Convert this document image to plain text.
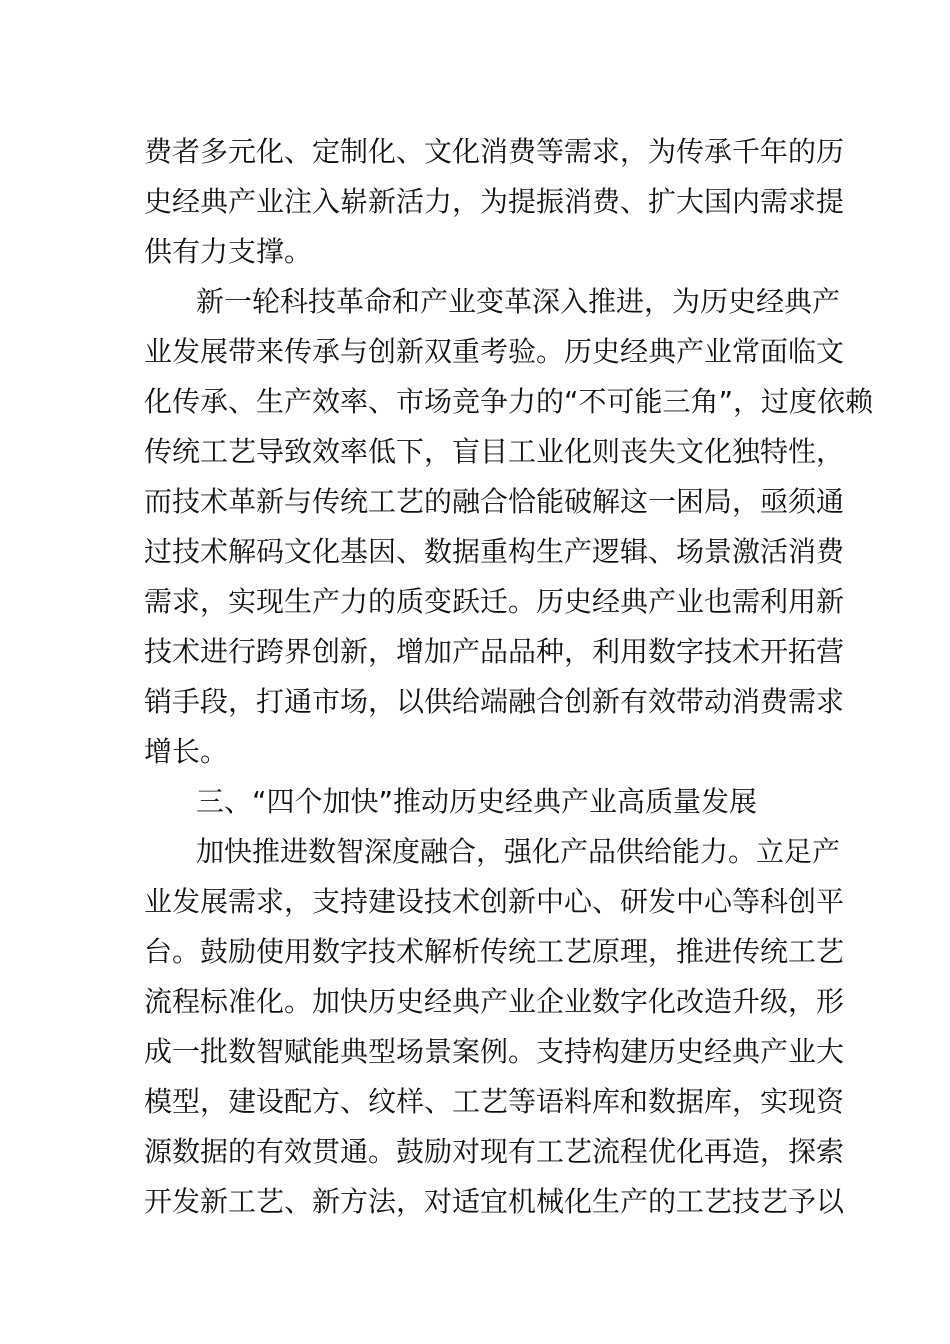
费者多元化、定制化、文化消费等需求，为传承千年的历
史经典产业注入崭新活力，为提振消费、扩大国内需求提
供有力支撑。
新一轮科技革命和产业变革深入推进，为历史经典产
业发展带来传承与创新双重考验。历史经典产业常面临文
化传承、生产效率、市场竞争力的“不可能三角”，过度依赖
传统工艺导致效率低下，盲目工业化则丧失文化独特性，
而技术革新与传统工艺的融合恰能破解这一困局，亟须通
过技术解码文化基因、数据重构生产逻辑、场景激活消费
需求，实现生产力的质变跃迁。历史经典产业也需利用新
技术进行跨界创新，增加产品品种，利用数字技术开拓营
销手段，打通市场，以供给端融合创新有效带动消费需求
增长。
三、“四个加快”推动历史经典产业高质量发展
加快推进数智深度融合，强化产品供给能力。立足产
业发展需求，支持建设技术创新中心、研发中心等科创平
台。鼓励使用数字技术解析传统工艺原理，推进传统工艺
流程标准化。加快历史经典产业企业数字化改造升级，形
成一批数智赋能典型场景案例。支持构建历史经典产业大
模型，建设配方、纹样、工艺等语料库和数据库，实现资
源数据的有效贯通。鼓励对现有工艺流程优化再造，探索
开发新工艺、新方法，对适宜机械化生产的工艺技艺予以
